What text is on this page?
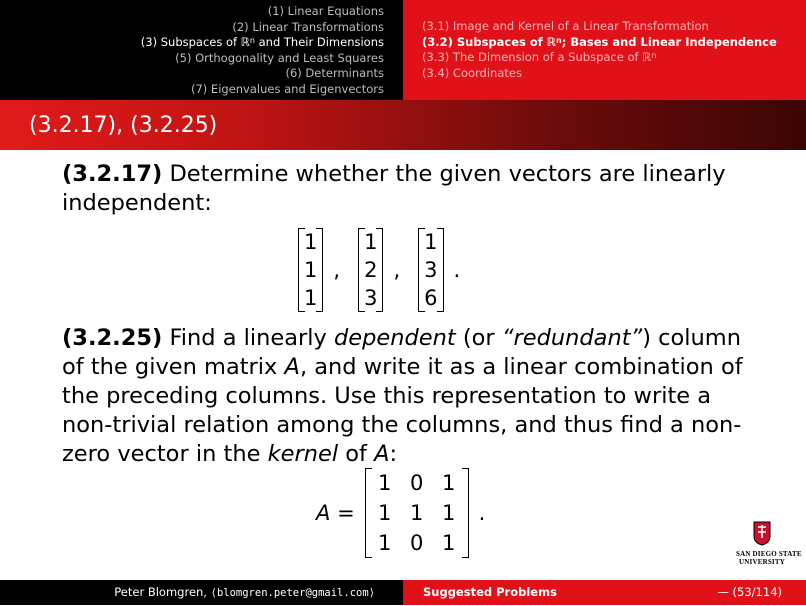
(1) Linear Equations
(2) Linear Transformations
(3) Subspaces of ℝ$^n$ and Their Dimensions
(5) Orthogonality and Least Squares
(6) Determinants
(7) Eigenvalues and Eigenvectors
(3.1) Image and Kernel of a Linear Transformation
(3.2) Subspaces of ℝ$^n$; Bases and Linear Independence
(3.3) The Dimension of a Subspace of ℝ$^n$
(3.4) Coordinates
(3.2.17), (3.2.25)

(3.2.17) Determine whether the given vectors are linearly independent:

(3.2.25) Find a linearly dependent (or “redundant”) column of the given matrix A, and write it as a linear combination of the preceding columns. Use this representation to write a non-trivial relation among the columns, and thus find a non-zero vector in the kernel of A:

1
1
1
,
1
2
3
,
1
3
6
.
A =
1 0 1
1 1 1
1 0 1
.
SAN DIEGO STATE
UNIVERSITY
Peter Blomgren, ⟨blomgren.peter@gmail.com⟩	Suggested Problems	— (53/114)
